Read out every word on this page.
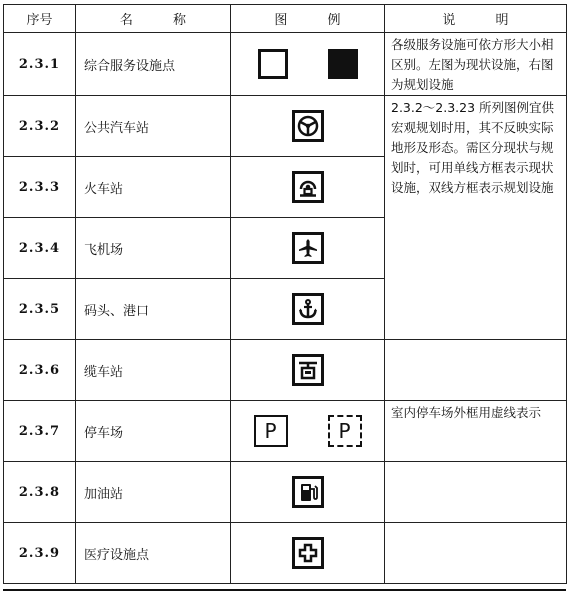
序号	名 称	图 例	说 明
2.3.1	综合服务设施点		各级服务设施可依方形大小相区别。左图为现状设施，右图为规划设施
2.3.2	公共汽车站		2.3.2～2.3.23 所列图例宜供宏观规划时用，其不反映实际地形及形态。需区分现状与规划时，可用单线方框表示现状设施，双线方框表示规划设施
2.3.3	火车站	

2.3.4	飞机场	

2.3.5	码头、港口	

2.3.6	缆车站	

2.3.7	停车场	P P	室内停车场外框用虚线表示
2.3.8	加油站	

2.3.9	医疗设施点	
